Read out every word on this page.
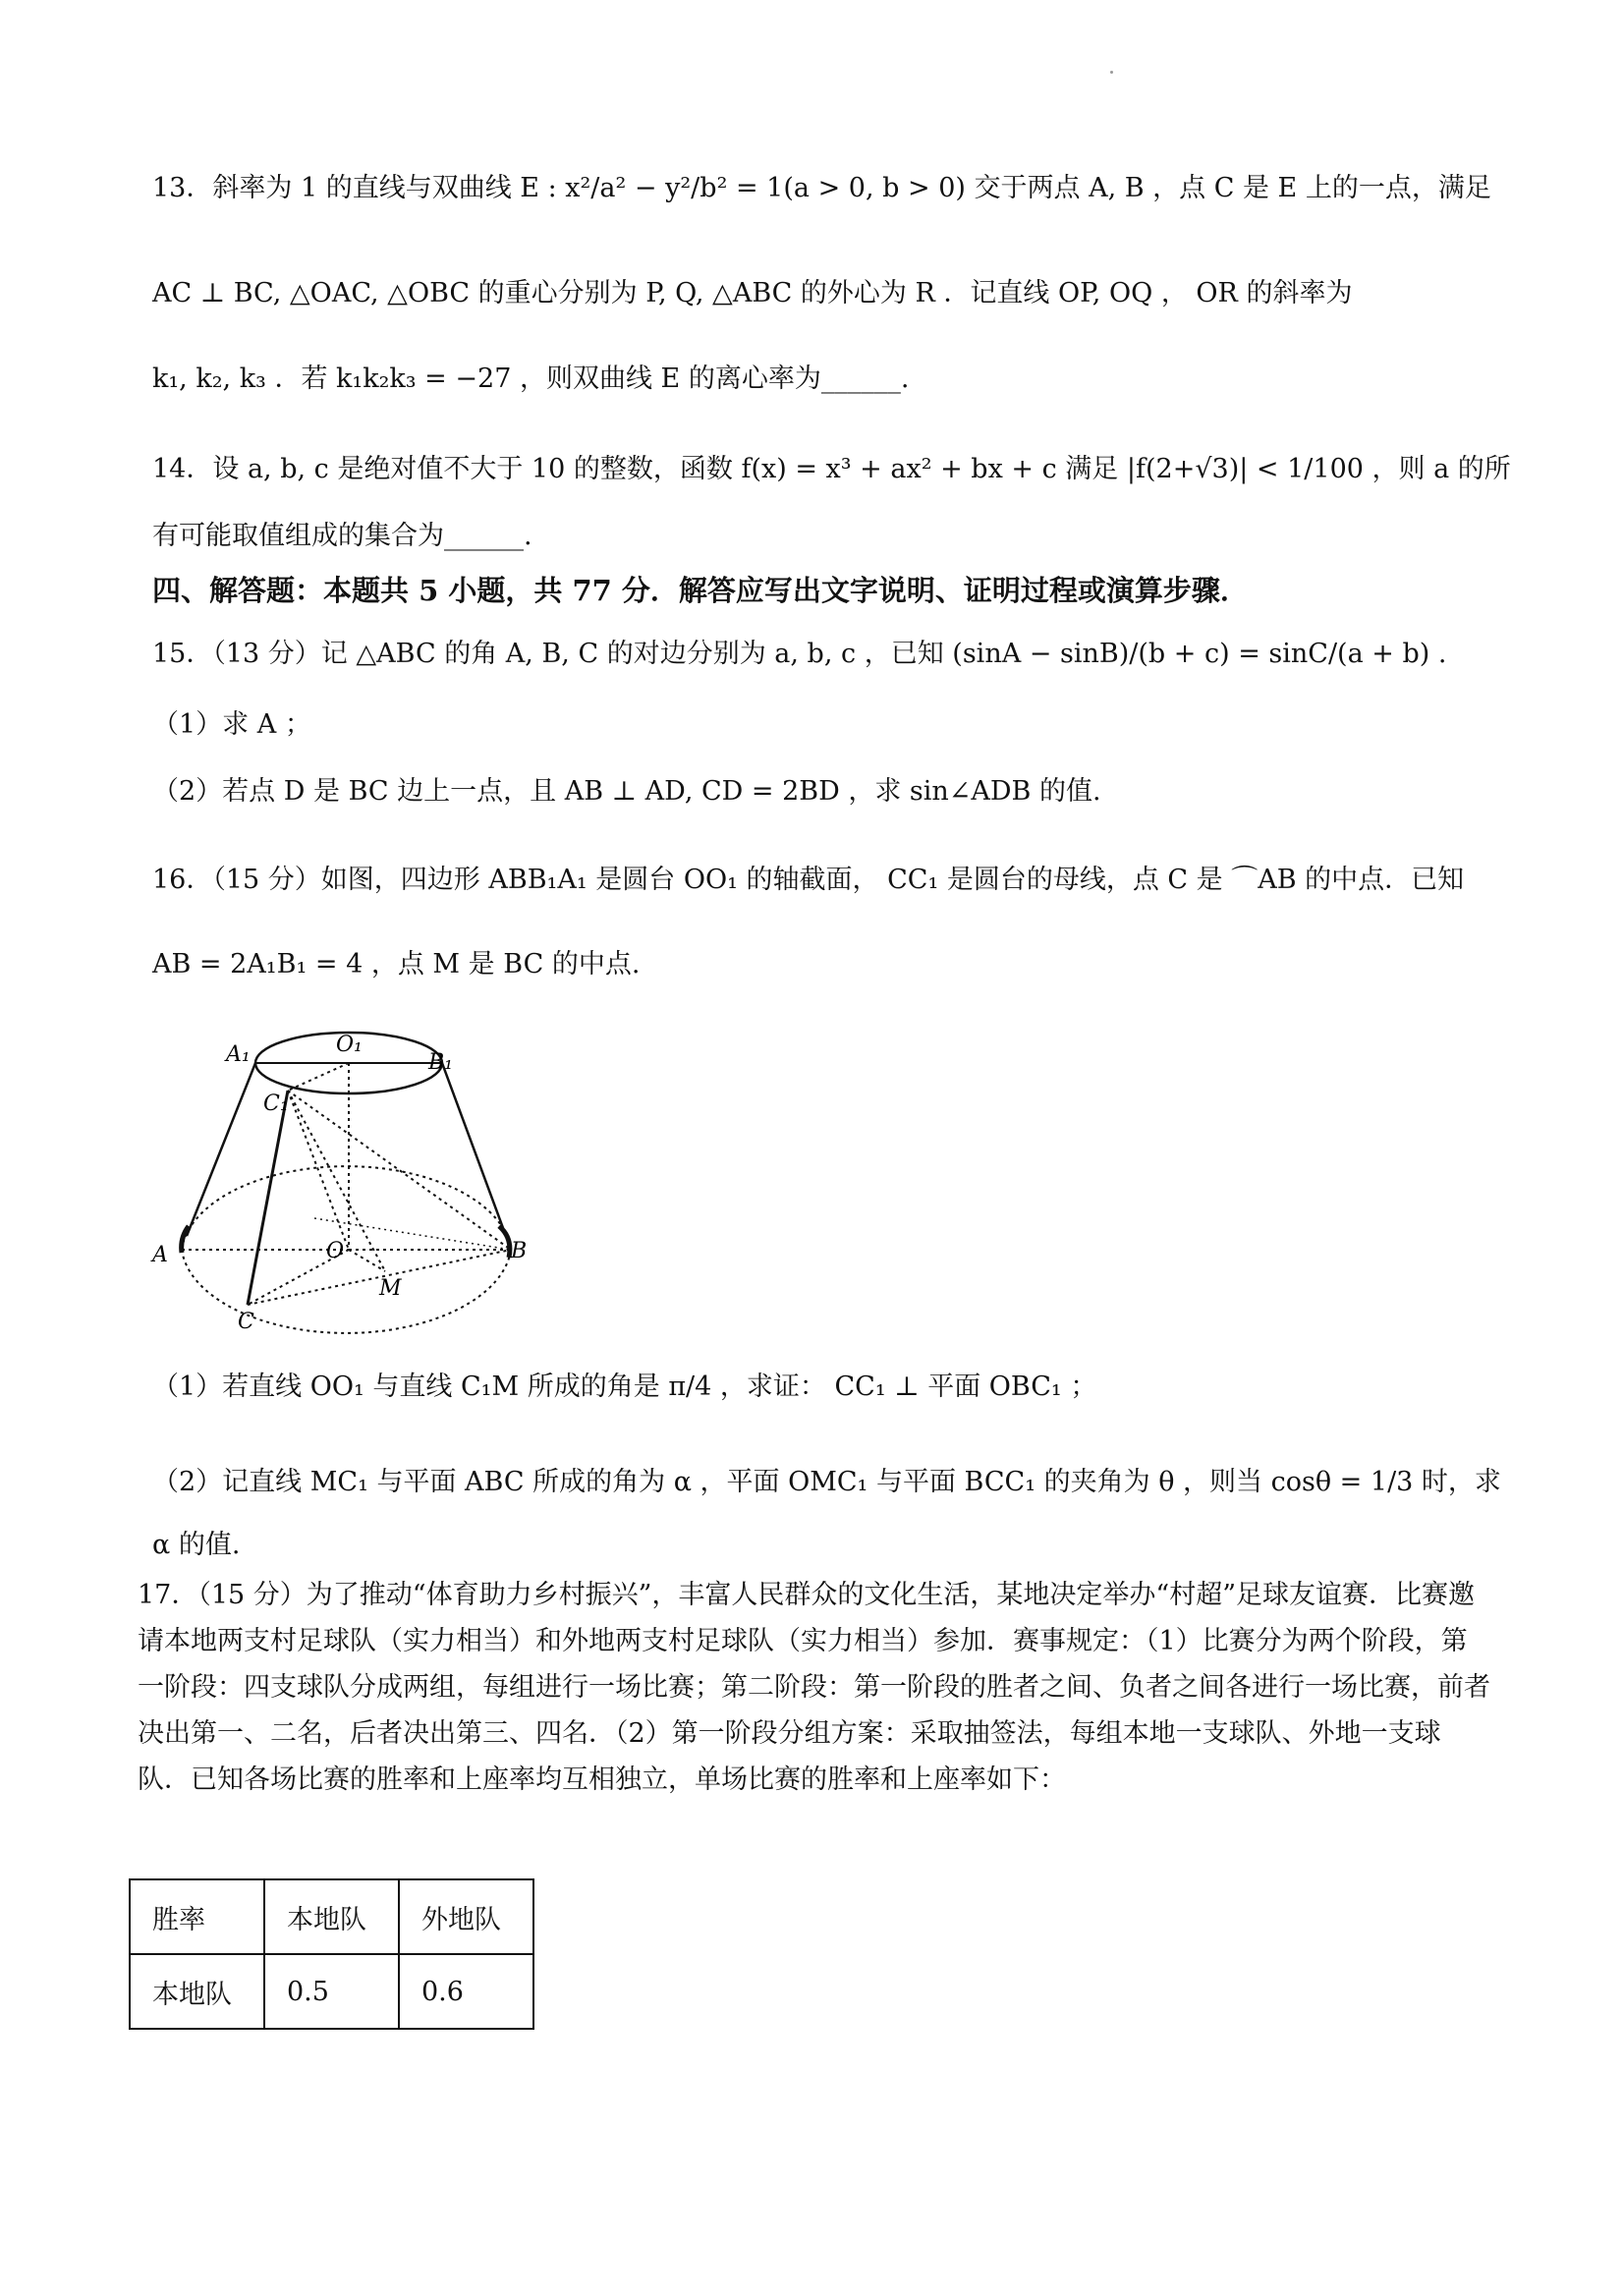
13．斜率为 1 的直线与双曲线 E : x²/a² − y²/b² = 1(a > 0, b > 0) 交于两点 A, B ，点 C 是 E 上的一点，满足
AC ⊥ BC, △OAC, △OBC 的重心分别为 P, Q, △ABC 的外心为 R ．记直线 OP, OQ ， OR 的斜率为
k₁, k₂, k₃ ．若 k₁k₂k₃ = −27 ，则双曲线 E 的离心率为______.
14．设 a, b, c 是绝对值不大于 10 的整数，函数 f(x) = x³ + ax² + bx + c 满足 |f(2+√3)| < 1/100 ，则 a 的所
有可能取值组成的集合为______.
四、解答题：本题共 5 小题，共 77 分．解答应写出文字说明、证明过程或演算步骤．
15．（13 分）记 △ABC 的角 A, B, C 的对边分别为 a, b, c ，已知 (sinA − sinB)/(b + c) = sinC/(a + b) .
（1）求 A ；
（2）若点 D 是 BC 边上一点，且 AB ⊥ AD, CD = 2BD ，求 sin∠ADB 的值.
16．（15 分）如图，四边形 ABB₁A₁ 是圆台 OO₁ 的轴截面， CC₁ 是圆台的母线，点 C 是 ⌒AB 的中点．已知
AB = 2A₁B₁ = 4 ，点 M 是 BC 的中点.
A₁	O₁
B₁
C₁
A	O
M
B
C
（1）若直线 OO₁ 与直线 C₁M 所成的角是 π/4 ，求证： CC₁ ⊥ 平面 OBC₁ ；
（2）记直线 MC₁ 与平面 ABC 所成的角为 α ，平面 OMC₁ 与平面 BCC₁ 的夹角为 θ ，则当 cosθ = 1/3 时，求
α 的值.
17．（15 分）为了推动“体育助力乡村振兴”，丰富人民群众的文化生活，某地决定举办“村超”足球友谊赛．比赛邀请本地两支村足球队（实力相当）和外地两支村足球队（实力相当）参加．赛事规定：（1）比赛分为两个阶段，第一阶段：四支球队分成两组，每组进行一场比赛；第二阶段：第一阶段的胜者之间、负者之间各进行一场比赛，前者决出第一、二名，后者决出第三、四名．（2）第一阶段分组方案：采取抽签法，每组本地一支球队、外地一支球队．已知各场比赛的胜率和上座率均互相独立，单场比赛的胜率和上座率如下：
胜率	本地队	外地队
本地队	0.5	0.6
